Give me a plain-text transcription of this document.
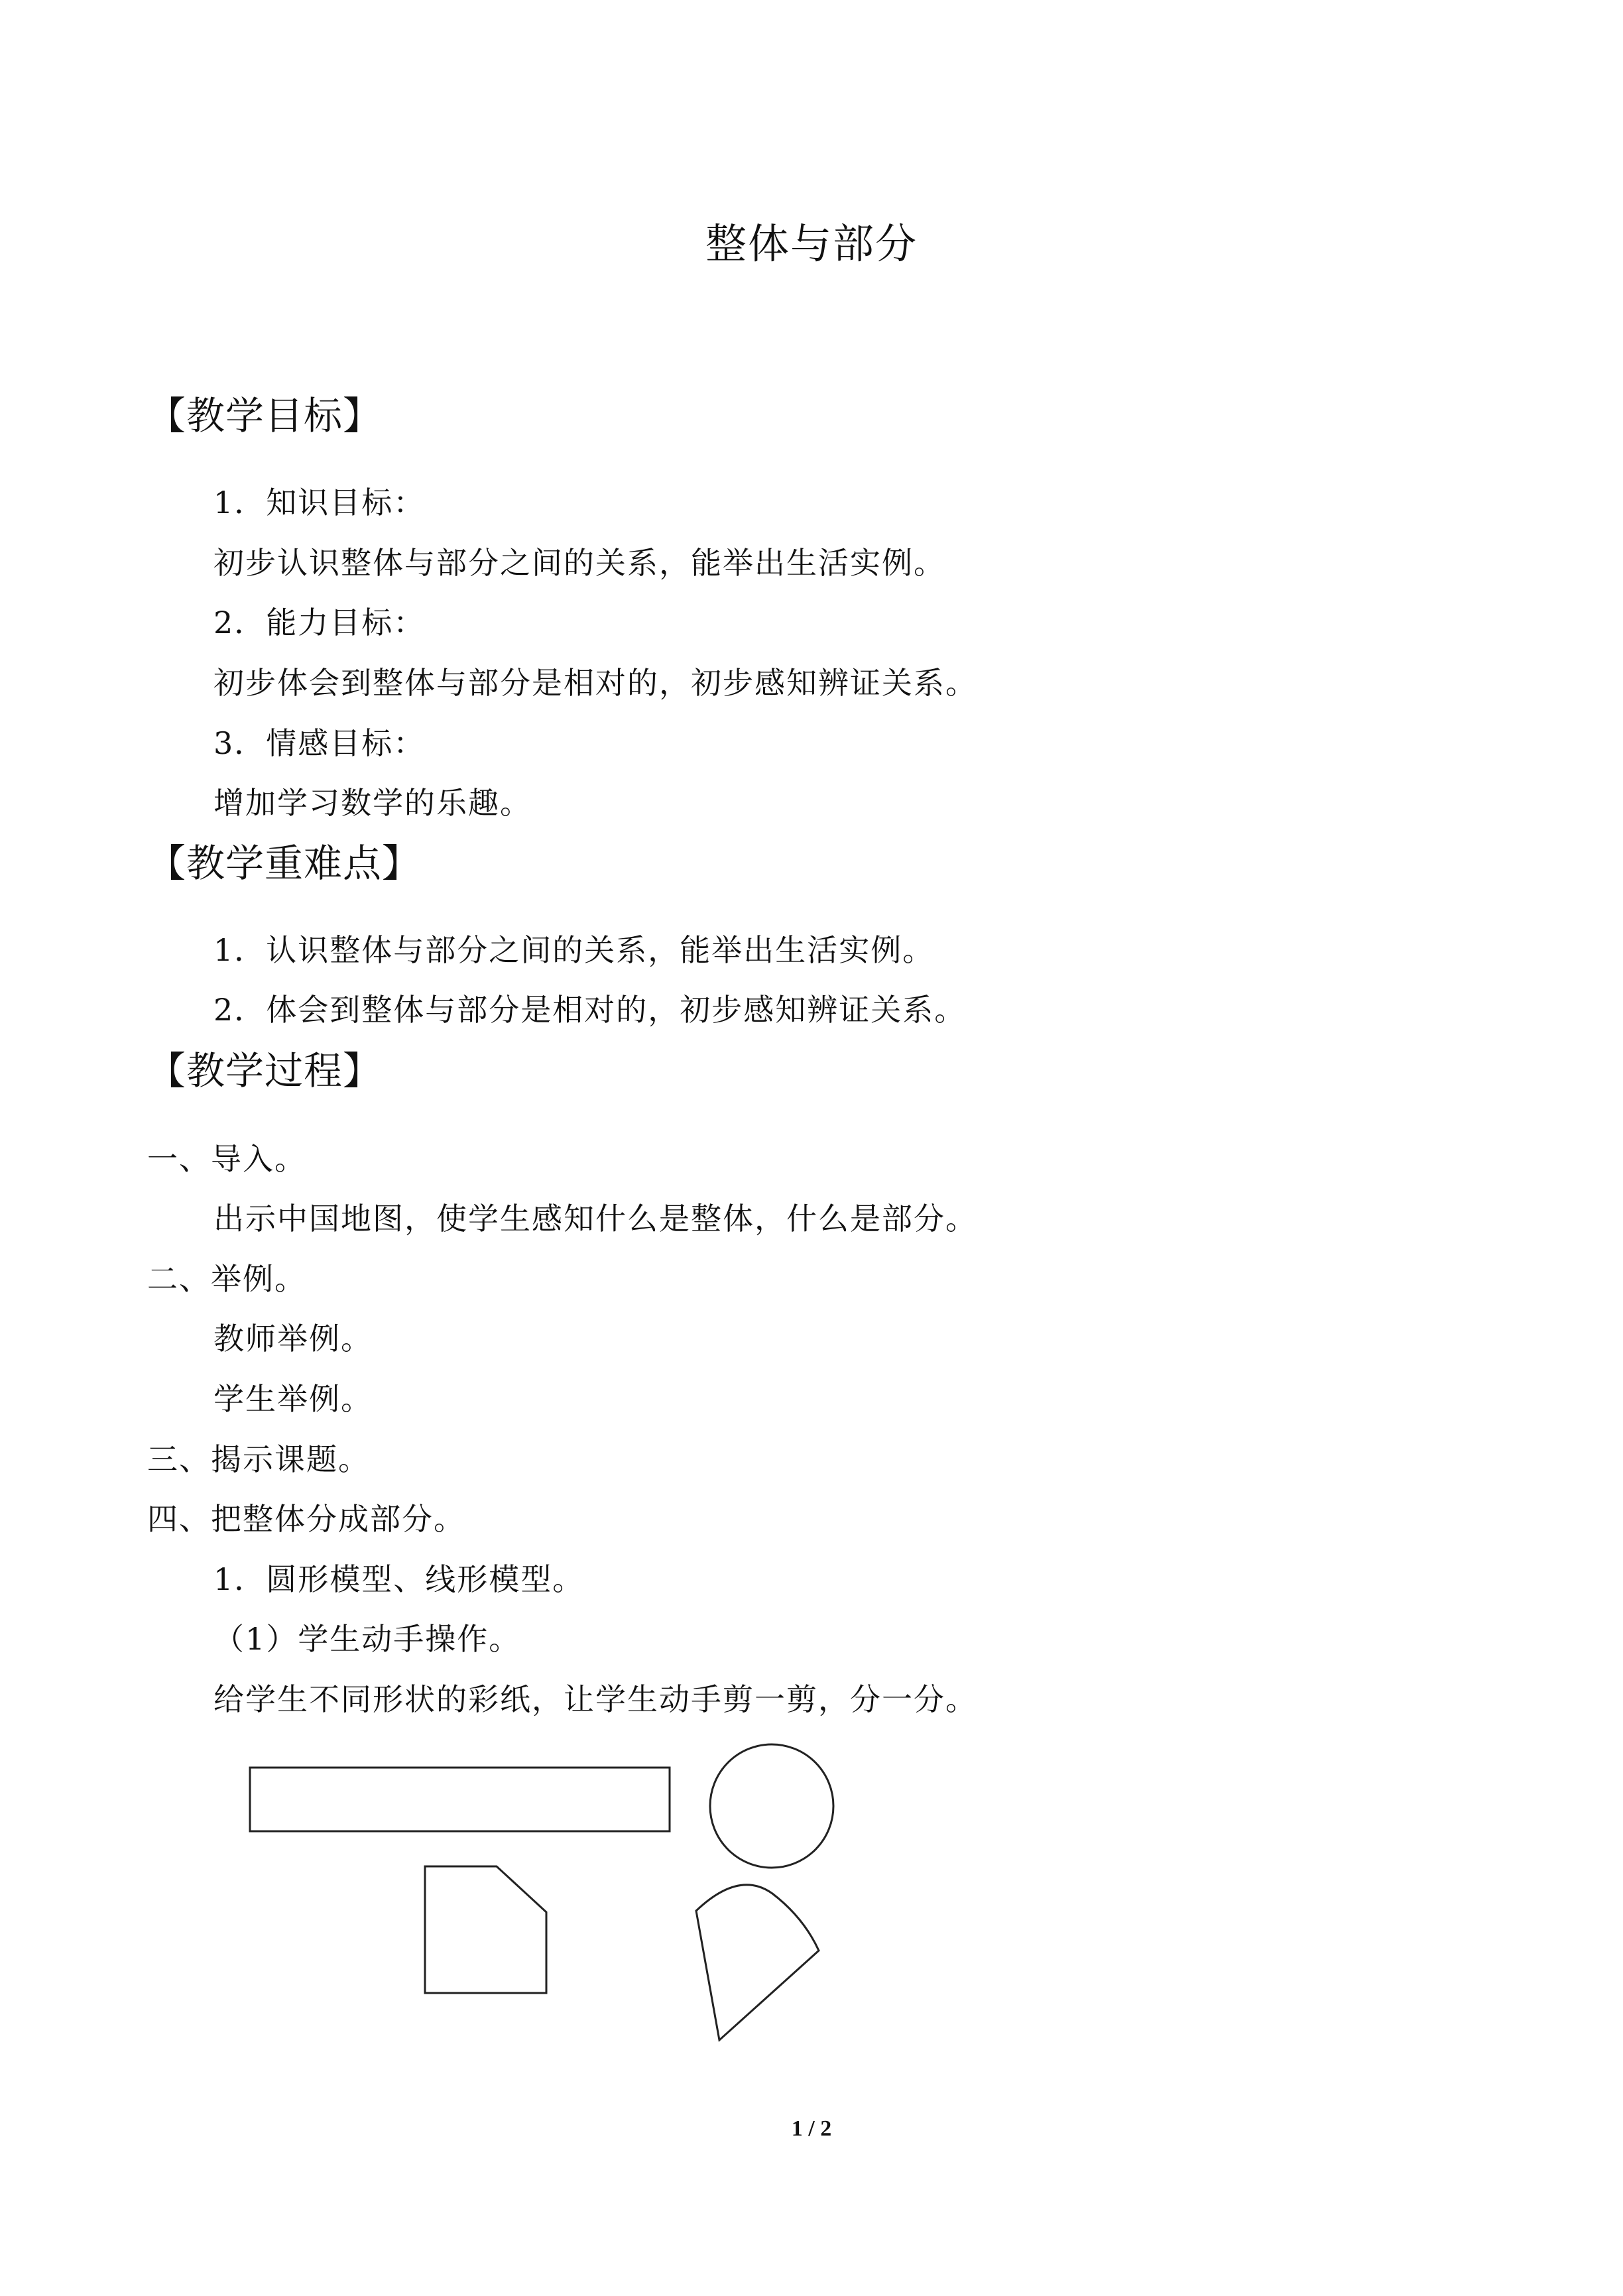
整体与部分
【教学目标】
1．知识目标：
初步认识整体与部分之间的关系，能举出生活实例。
2．能力目标：
初步体会到整体与部分是相对的，初步感知辨证关系。
3．情感目标：
增加学习数学的乐趣。
【教学重难点】
1．认识整体与部分之间的关系，能举出生活实例。
2．体会到整体与部分是相对的，初步感知辨证关系。
【教学过程】
一、导入。
出示中国地图，使学生感知什么是整体，什么是部分。
二、举例。
教师举例。
学生举例。
三、揭示课题。
四、把整体分成部分。
1．圆形模型、线形模型。
（1）学生动手操作。
给学生不同形状的彩纸，让学生动手剪一剪，分一分。
1 / 2
